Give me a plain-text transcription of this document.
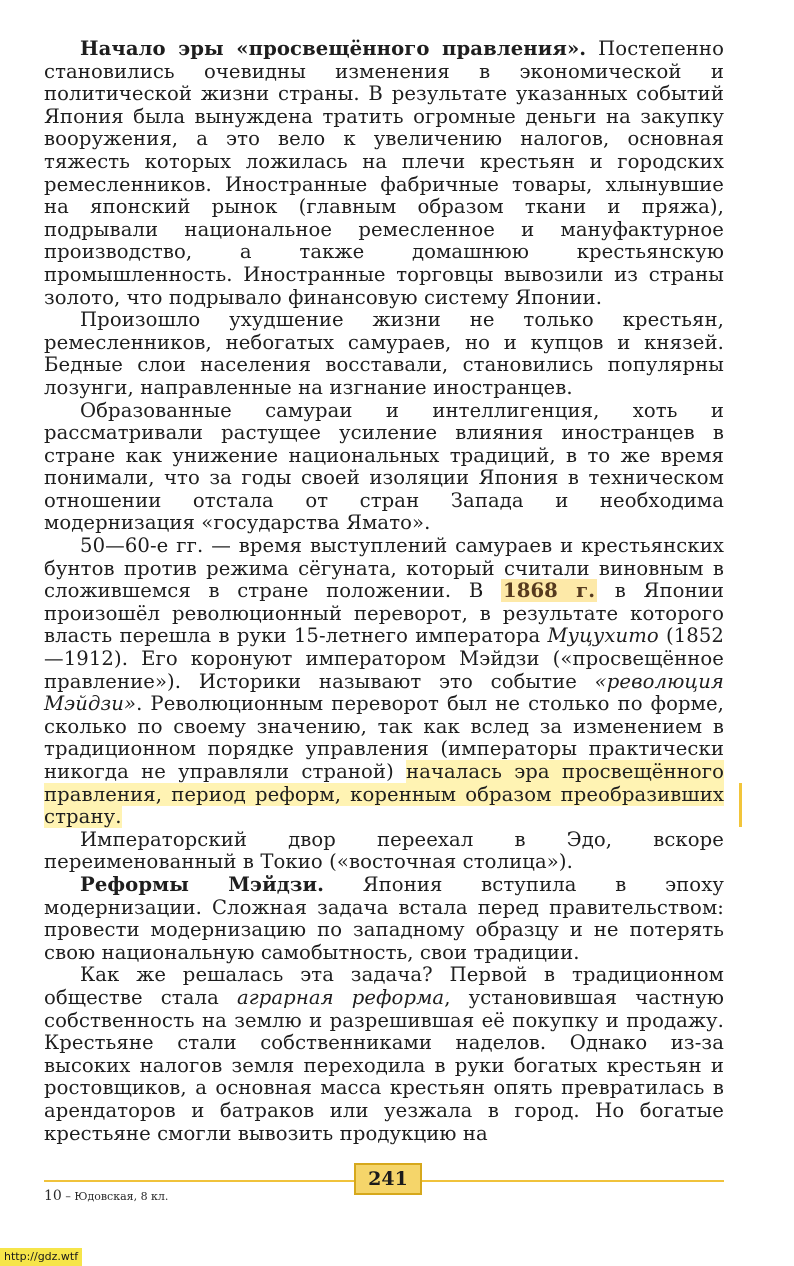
Начало эры «просвещённого правления». Постепенно становились очевидны изменения в экономической и политической жизни страны. В результате указанных событий Япония была вынуждена тратить огромные деньги на закупку вооружения, а это вело к увеличению налогов, основная тяжесть которых ложилась на плечи крестьян и городских ремесленников. Иностранные фабричные товары, хлынувшие на японский рынок (главным образом ткани и пряжа), подрывали национальное ремесленное и мануфактурное производство, а также домашнюю крестьянскую промышленность. Иностранные торговцы вывозили из страны золото, что подрывало финансовую систему Японии.

Произошло ухудшение жизни не только крестьян, ремесленников, небогатых самураев, но и купцов и князей. Бедные слои населения восставали, становились популярны лозунги, направленные на изгнание иностранцев.

Образованные самураи и интеллигенция, хоть и рассматривали растущее усиление влияния иностранцев в стране как унижение национальных традиций, в то же время понимали, что за годы своей изоляции Япония в техническом отношении отстала от стран Запада и необходима модернизация «государства Ямато».

50—60-е гг. — время выступлений самураев и крестьянских бунтов против режима сёгуната, который считали виновным в сложившемся в стране положении. В 1868 г. в Японии произошёл революционный переворот, в результате которого власть перешла в руки 15-летнего императора Муцухито (1852—1912). Его коронуют императором Мэйдзи («просвещённое правление»). Историки называют это событие «революция Мэйдзи». Революционным переворот был не столько по форме, сколько по своему значению, так как вслед за изменением в традиционном порядке управления (императоры практически никогда не управляли страной) началась эра просвещённого правления, период реформ, коренным образом преобразивших страну.

Императорский двор переехал в Эдо, вскоре переименованный в Токио («восточная столица»).

Реформы Мэйдзи. Япония вступила в эпоху модернизации. Сложная задача встала перед правительством: провести модернизацию по западному образцу и не потерять свою национальную самобытность, свои традиции.

Как же решалась эта задача? Первой в традиционном обществе стала аграрная реформа, установившая частную собственность на землю и разрешившая её покупку и продажу. Крестьяне стали собственниками наделов. Однако из-за высоких налогов земля переходила в руки богатых крестьян и ростовщиков, а основная масса крестьян опять превратилась в арендаторов и батраков или уезжала в город. Но богатые крестьяне смогли вывозить продукцию на

241
10 – Юдовская, 8 кл.
http://gdz.wtf
